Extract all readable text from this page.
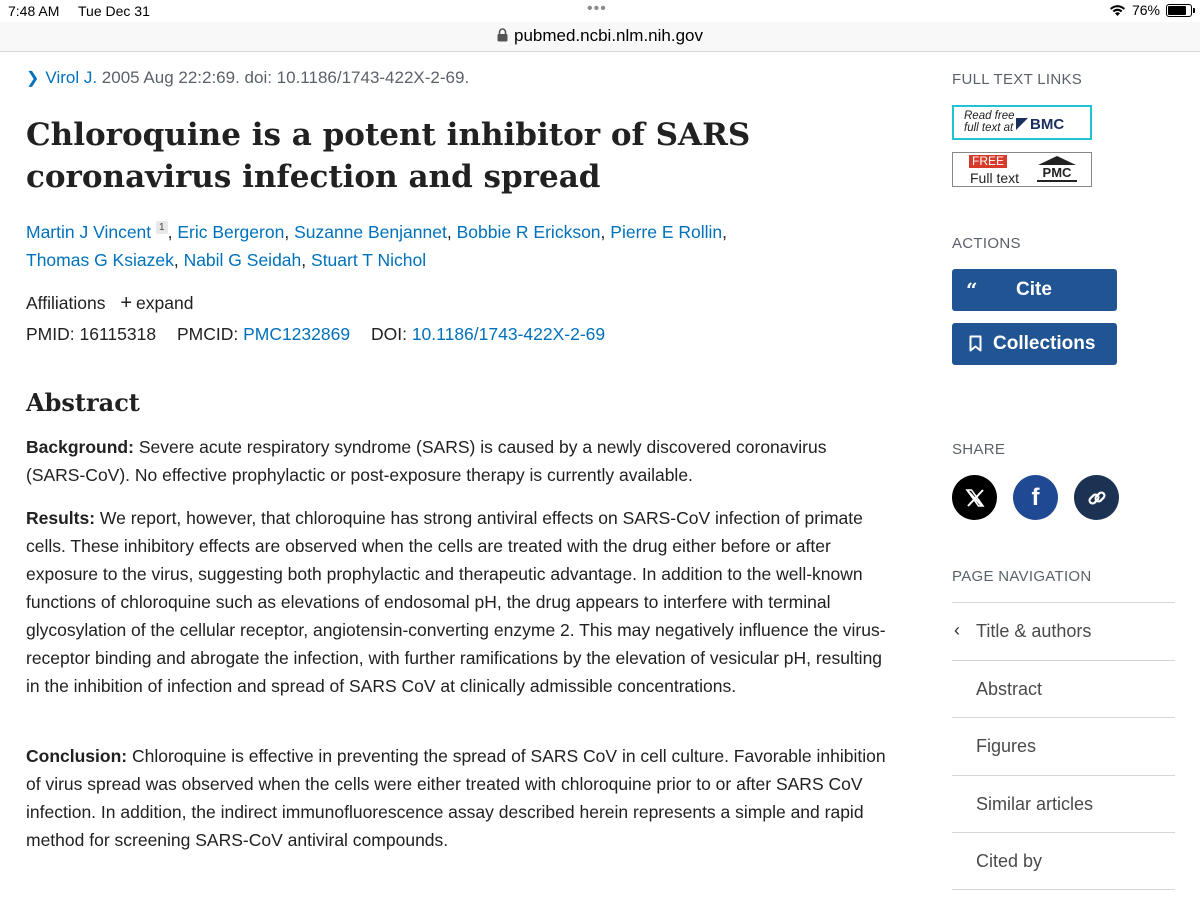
7:48 AM Tue Dec 31	•••	76%
pubmed.ncbi.nlm.nih.gov
❯ Virol J. 2005 Aug 22:2:69. doi: 10.1186/1743-422X-2-69.
Chloroquine is a potent inhibitor of SARS coronavirus infection and spread
Martin J Vincent 1 , Eric Bergeron, Suzanne Benjannet, Bobbie R Erickson, Pierre E Rollin,
Thomas G Ksiazek, Nabil G Seidah, Stuart T Nichol
Affiliations + expand
PMID: 16115318 PMCID: PMC1232869 DOI: 10.1186/1743-422X-2-69
Abstract

Background: Severe acute respiratory syndrome (SARS) is caused by a newly discovered coronavirus (SARS-CoV). No effective prophylactic or post-exposure therapy is currently available.

Results: We report, however, that chloroquine has strong antiviral effects on SARS-CoV infection of primate cells. These inhibitory effects are observed when the cells are treated with the drug either before or after exposure to the virus, suggesting both prophylactic and therapeutic advantage. In addition to the well-known functions of chloroquine such as elevations of endosomal pH, the drug appears to interfere with terminal glycosylation of the cellular receptor, angiotensin-converting enzyme 2. This may negatively influence the virus-receptor binding and abrogate the infection, with further ramifications by the elevation of vesicular pH, resulting in the inhibition of infection and spread of SARS CoV at clinically admissible concentrations.

Conclusion: Chloroquine is effective in preventing the spread of SARS CoV in cell culture. Favorable inhibition of virus spread was observed when the cells were either treated with chloroquine prior to or after SARS CoV infection. In addition, the indirect immunofluorescence assay described herein represents a simple and rapid method for screening SARS-CoV antiviral compounds.

FULL TEXT LINKS
Read free
full text at BMC
FREE
Full text	PMC
ACTIONS
“ Cite
Collections
SHARE
f
PAGE NAVIGATION
‹ Title & authors
Abstract
Figures
Similar articles
Cited by
